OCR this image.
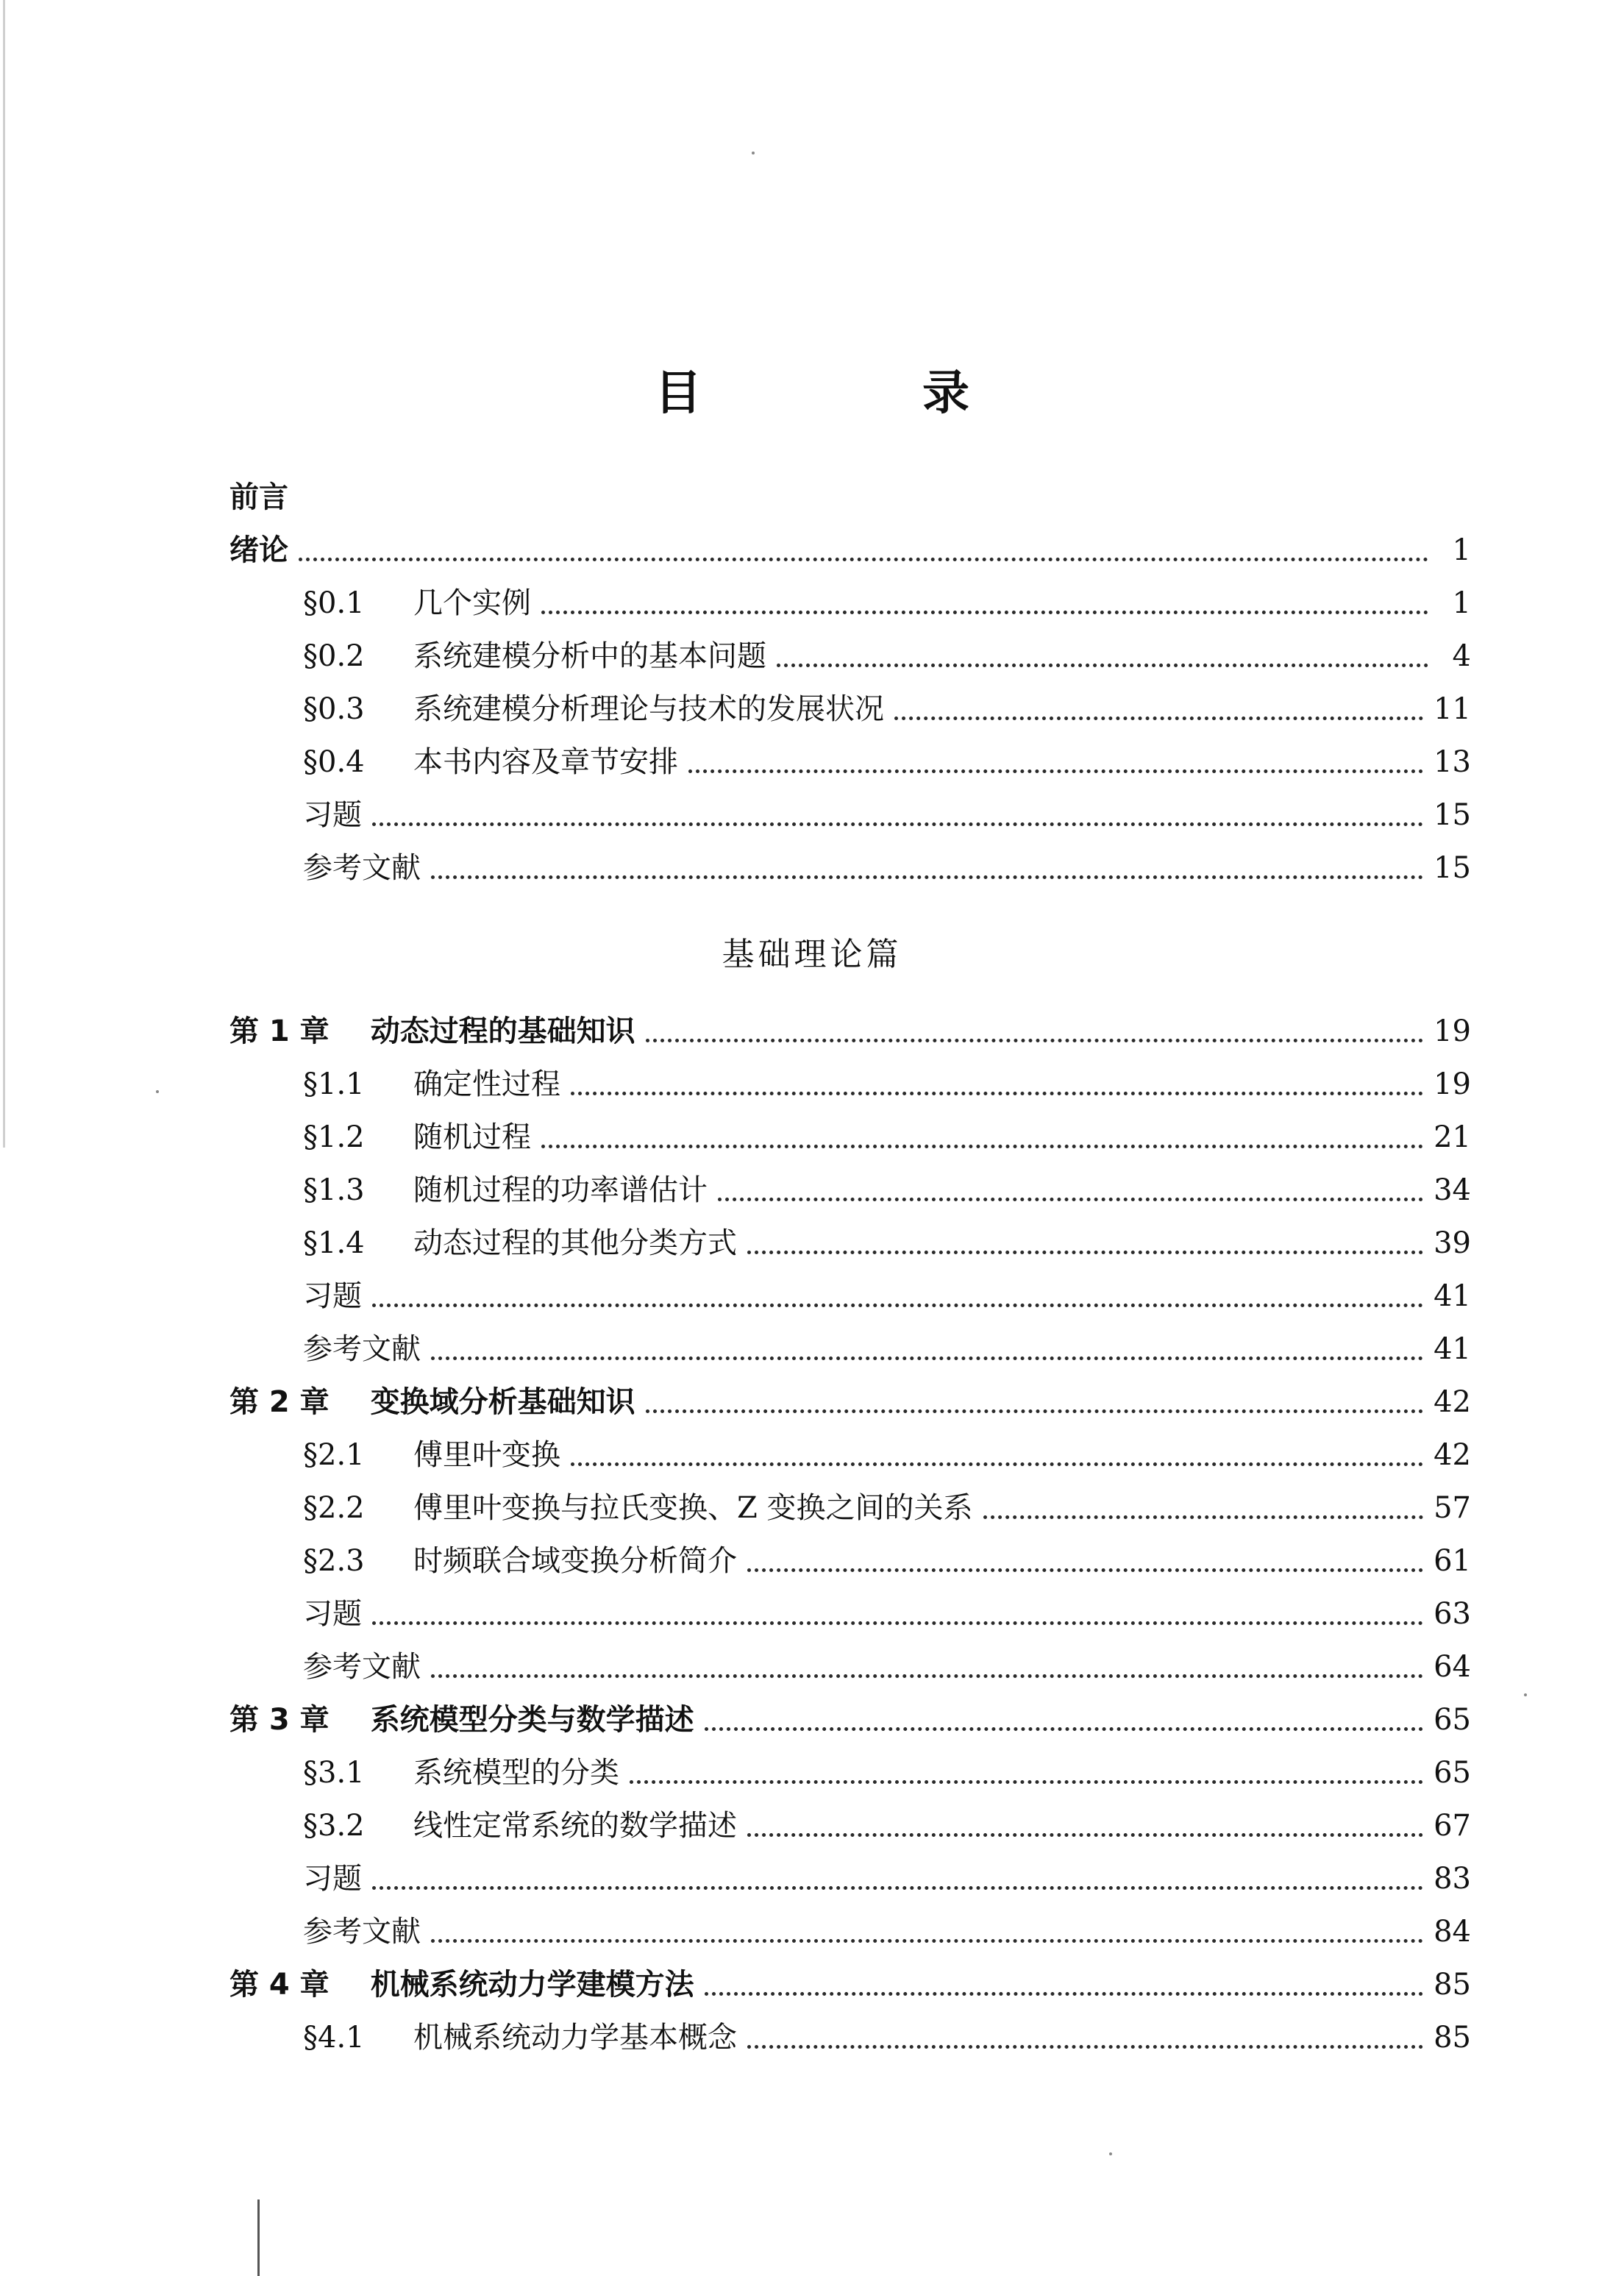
目　录
前言
基础理论篇
绪论	1
§0.1	几个实例	1
§0.2	系统建模分析中的基本问题	4
§0.3	系统建模分析理论与技术的发展状况	11
§0.4	本书内容及章节安排	13
习题	15
参考文献	15
第 1 章 动态过程的基础知识	19
§1.1	确定性过程	19
§1.2	随机过程	21
§1.3	随机过程的功率谱估计	34
§1.4	动态过程的其他分类方式	39
习题	41
参考文献	41
第 2 章 变换域分析基础知识	42
§2.1	傅里叶变换	42
§2.2	傅里叶变换与拉氏变换、Z 变换之间的关系	57
§2.3	时频联合域变换分析简介	61
习题	63
参考文献	64
第 3 章 系统模型分类与数学描述	65
§3.1	系统模型的分类	65
§3.2	线性定常系统的数学描述	67
习题	83
参考文献	84
第 4 章 机械系统动力学建模方法	85
§4.1	机械系统动力学基本概念	85
